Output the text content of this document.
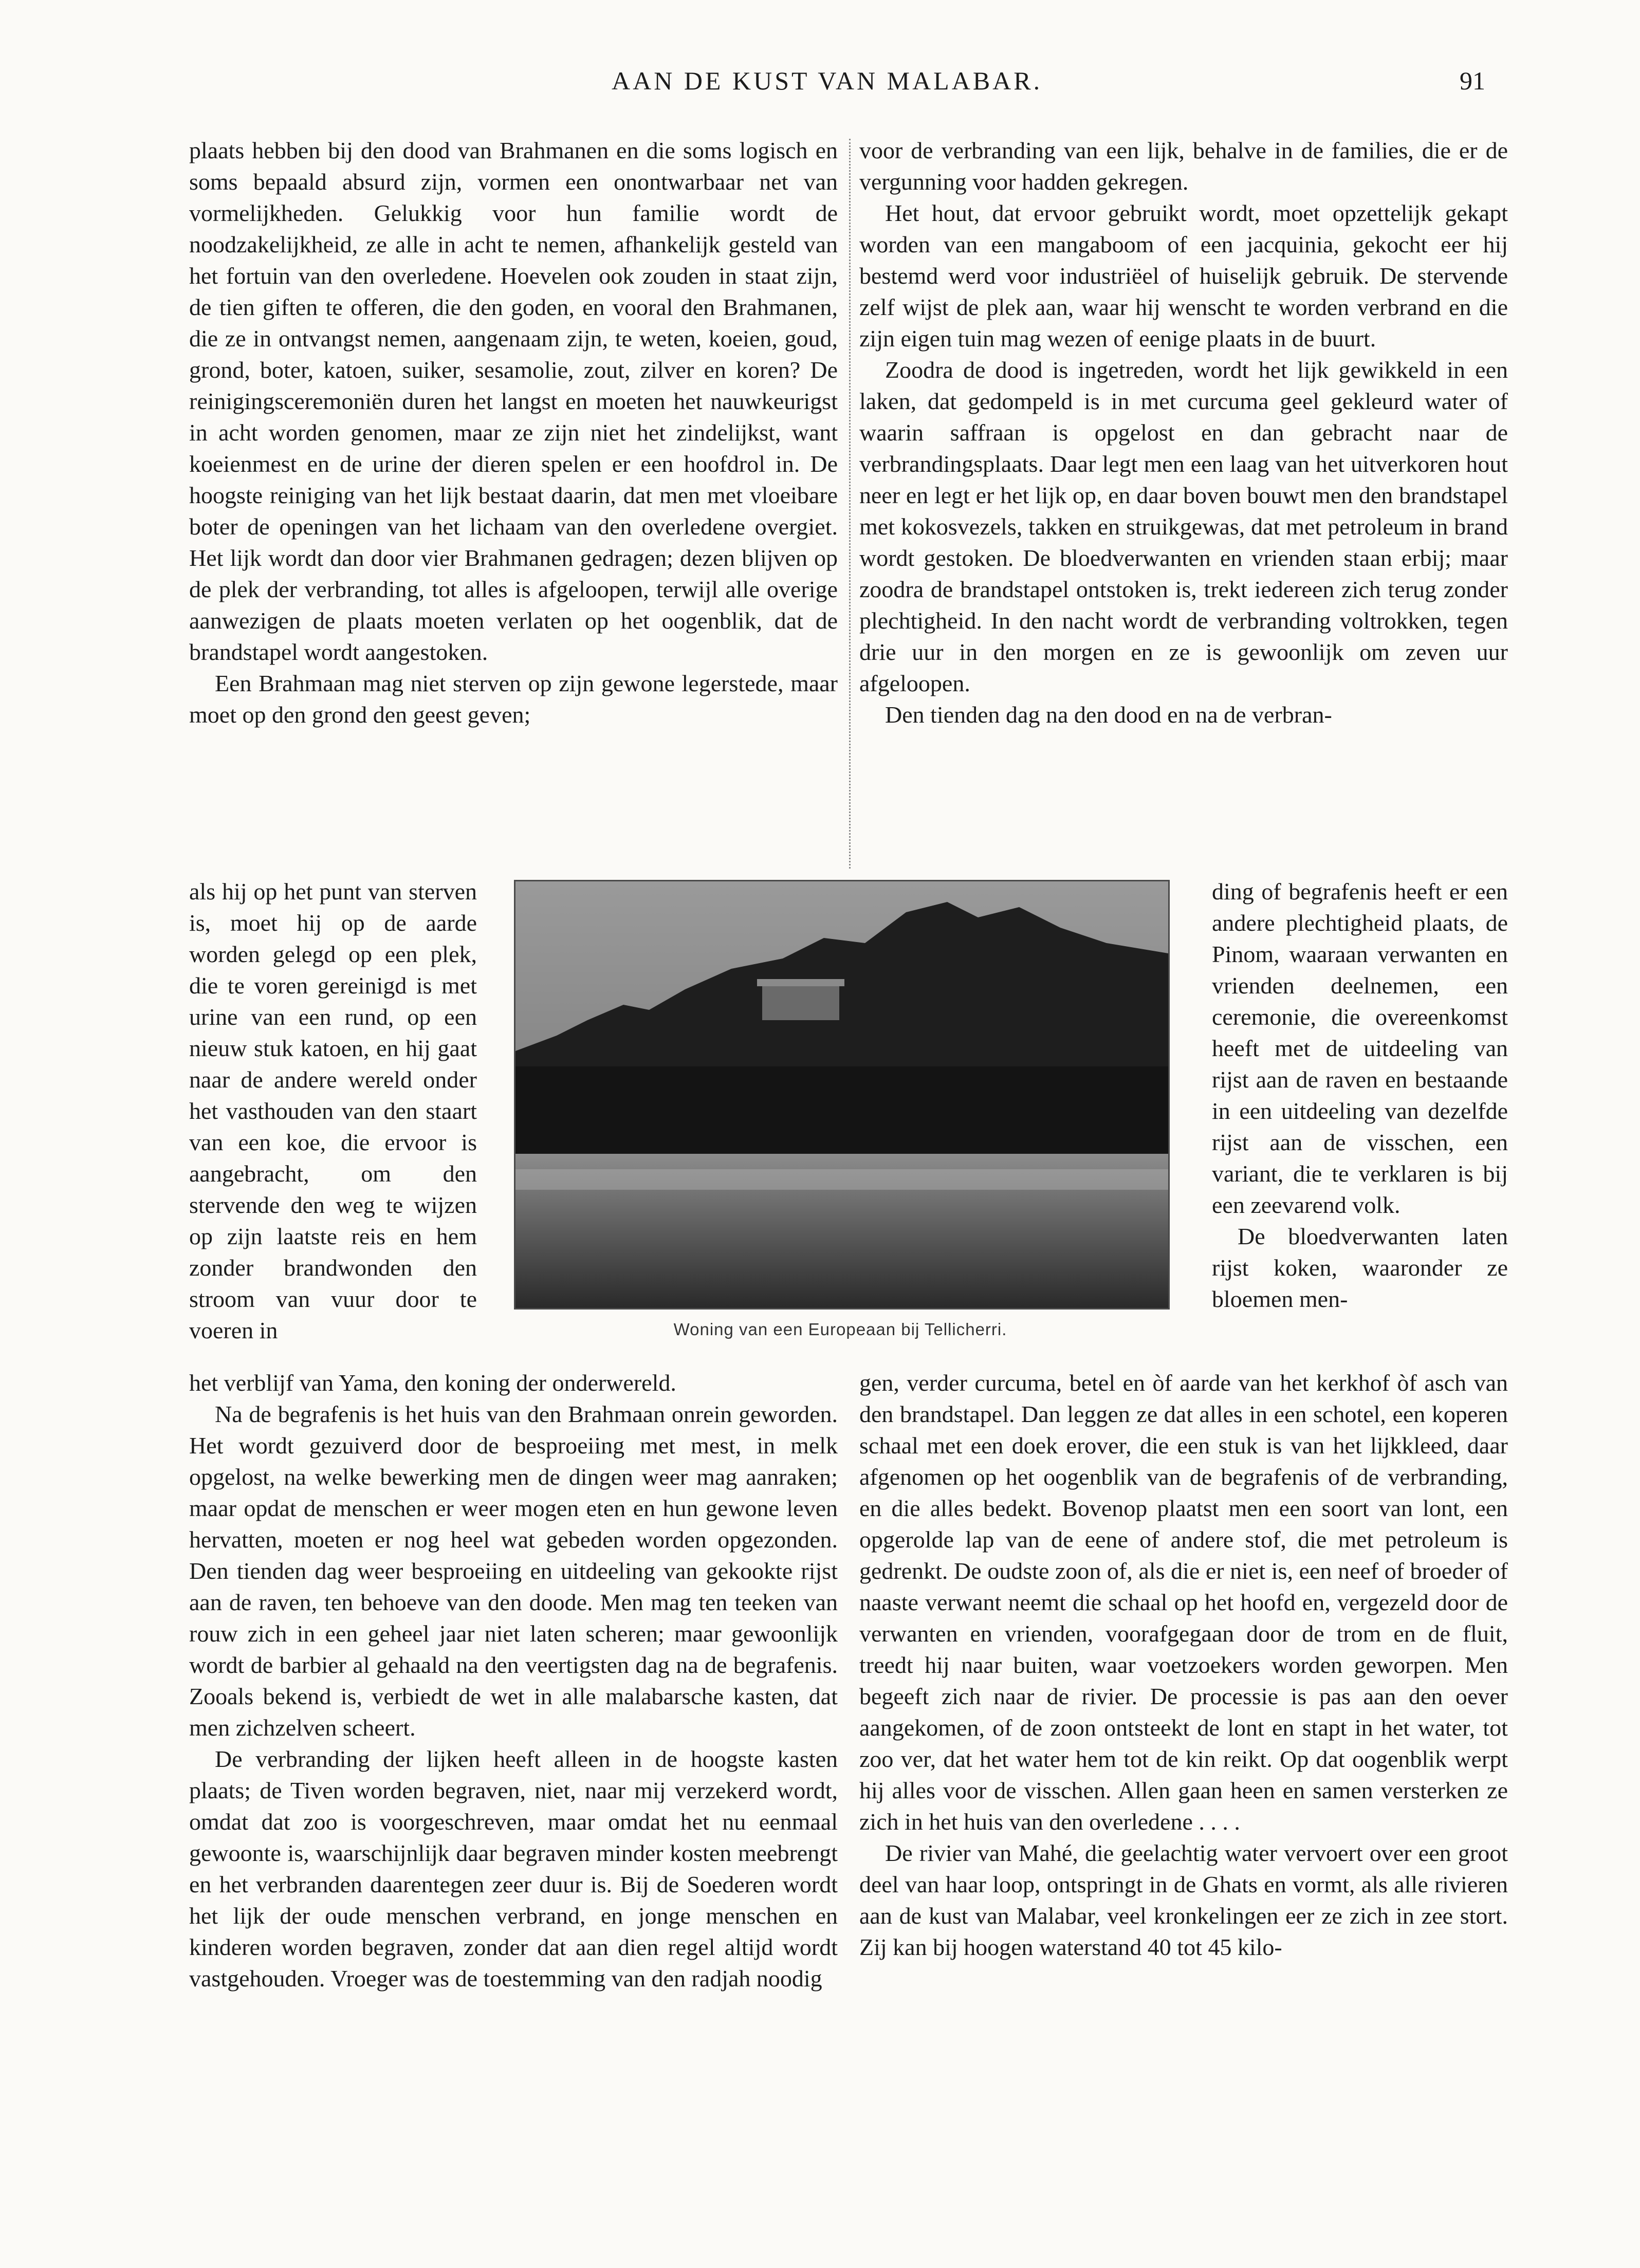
AAN DE KUST VAN MALABAR.	91

plaats hebben bij den dood van Brahmanen en die soms logisch en soms bepaald absurd zijn, vormen een onontwarbaar net van vormelijkheden. Gelukkig voor hun familie wordt de noodzakelijkheid, ze alle in acht te nemen, afhankelijk gesteld van het fortuin van den overledene. Hoevelen ook zouden in staat zijn, de tien giften te offeren, die den goden, en vooral den Brahmanen, die ze in ontvangst nemen, aangenaam zijn, te weten, koeien, goud, grond, boter, katoen, suiker, sesamolie, zout, zilver en koren? De reinigingsceremoniën duren het langst en moeten het nauwkeurigst in acht worden genomen, maar ze zijn niet het zindelijkst, want koeienmest en de urine der dieren spelen er een hoofdrol in. De hoogste reiniging van het lijk bestaat daarin, dat men met vloeibare boter de openingen van het lichaam van den overledene overgiet. Het lijk wordt dan door vier Brahmanen gedragen; dezen blijven op de plek der verbranding, tot alles is afgeloopen, terwijl alle overige aanwezigen de plaats moeten verlaten op het oogenblik, dat de brandstapel wordt aangestoken.

Een Brahmaan mag niet sterven op zijn gewone legerstede, maar moet op den grond den geest geven;

voor de verbranding van een lijk, behalve in de families, die er de vergunning voor hadden gekregen.

Het hout, dat ervoor gebruikt wordt, moet opzettelijk gekapt worden van een mangaboom of een jacquinia, gekocht eer hij bestemd werd voor industriëel of huiselijk gebruik. De stervende zelf wijst de plek aan, waar hij wenscht te worden verbrand en die zijn eigen tuin mag wezen of eenige plaats in de buurt.

Zoodra de dood is ingetreden, wordt het lijk gewikkeld in een laken, dat gedompeld is in met curcuma geel gekleurd water of waarin saffraan is opgelost en dan gebracht naar de verbrandingsplaats. Daar legt men een laag van het uitverkoren hout neer en legt er het lijk op, en daar boven bouwt men den brandstapel met kokosvezels, takken en struikgewas, dat met petroleum in brand wordt gestoken. De bloedverwanten en vrienden staan erbij; maar zoodra de brandstapel ontstoken is, trekt iedereen zich terug zonder plechtigheid. In den nacht wordt de verbranding voltrokken, tegen drie uur in den morgen en ze is gewoonlijk om zeven uur afgeloopen.

Den tienden dag na den dood en na de verbran-

als hij op het punt van sterven is, moet hij op de aarde worden gelegd op een plek, die te voren gereinigd is met urine van een rund, op een nieuw stuk katoen, en hij gaat naar de andere wereld onder het vasthouden van den staart van een koe, die ervoor is aangebracht, om den stervende den weg te wijzen op zijn laatste reis en hem zonder brandwonden den stroom van vuur door te voeren in	Woning van een Europeaan bij Tellicherri.

ding of begrafenis heeft er een andere plechtigheid plaats, de Pinom, waaraan verwanten en vrienden deelnemen, een ceremonie, die overeenkomst heeft met de uitdeeling van rijst aan de raven en bestaande in een uitdeeling van dezelfde rijst aan de visschen, een variant, die te verklaren is bij een zeevarend volk.

De bloedverwanten laten rijst koken, waaronder ze bloemen men-

het verblijf van Yama, den koning der onderwereld.

Na de begrafenis is het huis van den Brahmaan onrein geworden. Het wordt gezuiverd door de besproeiing met mest, in melk opgelost, na welke bewerking men de dingen weer mag aanraken; maar opdat de menschen er weer mogen eten en hun gewone leven hervatten, moeten er nog heel wat gebeden worden opgezonden. Den tienden dag weer besproeiing en uitdeeling van gekookte rijst aan de raven, ten behoeve van den doode. Men mag ten teeken van rouw zich in een geheel jaar niet laten scheren; maar gewoonlijk wordt de barbier al gehaald na den veertigsten dag na de begrafenis. Zooals bekend is, verbiedt de wet in alle malabarsche kasten, dat men zichzelven scheert.

De verbranding der lijken heeft alleen in de hoogste kasten plaats; de Tiven worden begraven, niet, naar mij verzekerd wordt, omdat dat zoo is voorgeschreven, maar omdat het nu eenmaal gewoonte is, waarschijnlijk daar begraven minder kosten meebrengt en het verbranden daarentegen zeer duur is. Bij de Soederen wordt het lijk der oude menschen verbrand, en jonge menschen en kinderen worden begraven, zonder dat aan dien regel altijd wordt vastgehouden. Vroeger was de toestemming van den radjah noodig

gen, verder curcuma, betel en òf aarde van het kerkhof òf asch van den brandstapel. Dan leggen ze dat alles in een schotel, een koperen schaal met een doek erover, die een stuk is van het lijkkleed, daar afgenomen op het oogenblik van de begrafenis of de verbranding, en die alles bedekt. Bovenop plaatst men een soort van lont, een opgerolde lap van de eene of andere stof, die met petroleum is gedrenkt. De oudste zoon of, als die er niet is, een neef of broeder of naaste verwant neemt die schaal op het hoofd en, vergezeld door de verwanten en vrienden, voorafgegaan door de trom en de fluit, treedt hij naar buiten, waar voetzoekers worden geworpen. Men begeeft zich naar de rivier. De processie is pas aan den oever aangekomen, of de zoon ontsteekt de lont en stapt in het water, tot zoo ver, dat het water hem tot de kin reikt. Op dat oogenblik werpt hij alles voor de visschen. Allen gaan heen en samen versterken ze zich in het huis van den overledene . . . .

De rivier van Mahé, die geelachtig water vervoert over een groot deel van haar loop, ontspringt in de Ghats en vormt, als alle rivieren aan de kust van Malabar, veel kronkelingen eer ze zich in zee stort. Zij kan bij hoogen waterstand 40 tot 45 kilo-
